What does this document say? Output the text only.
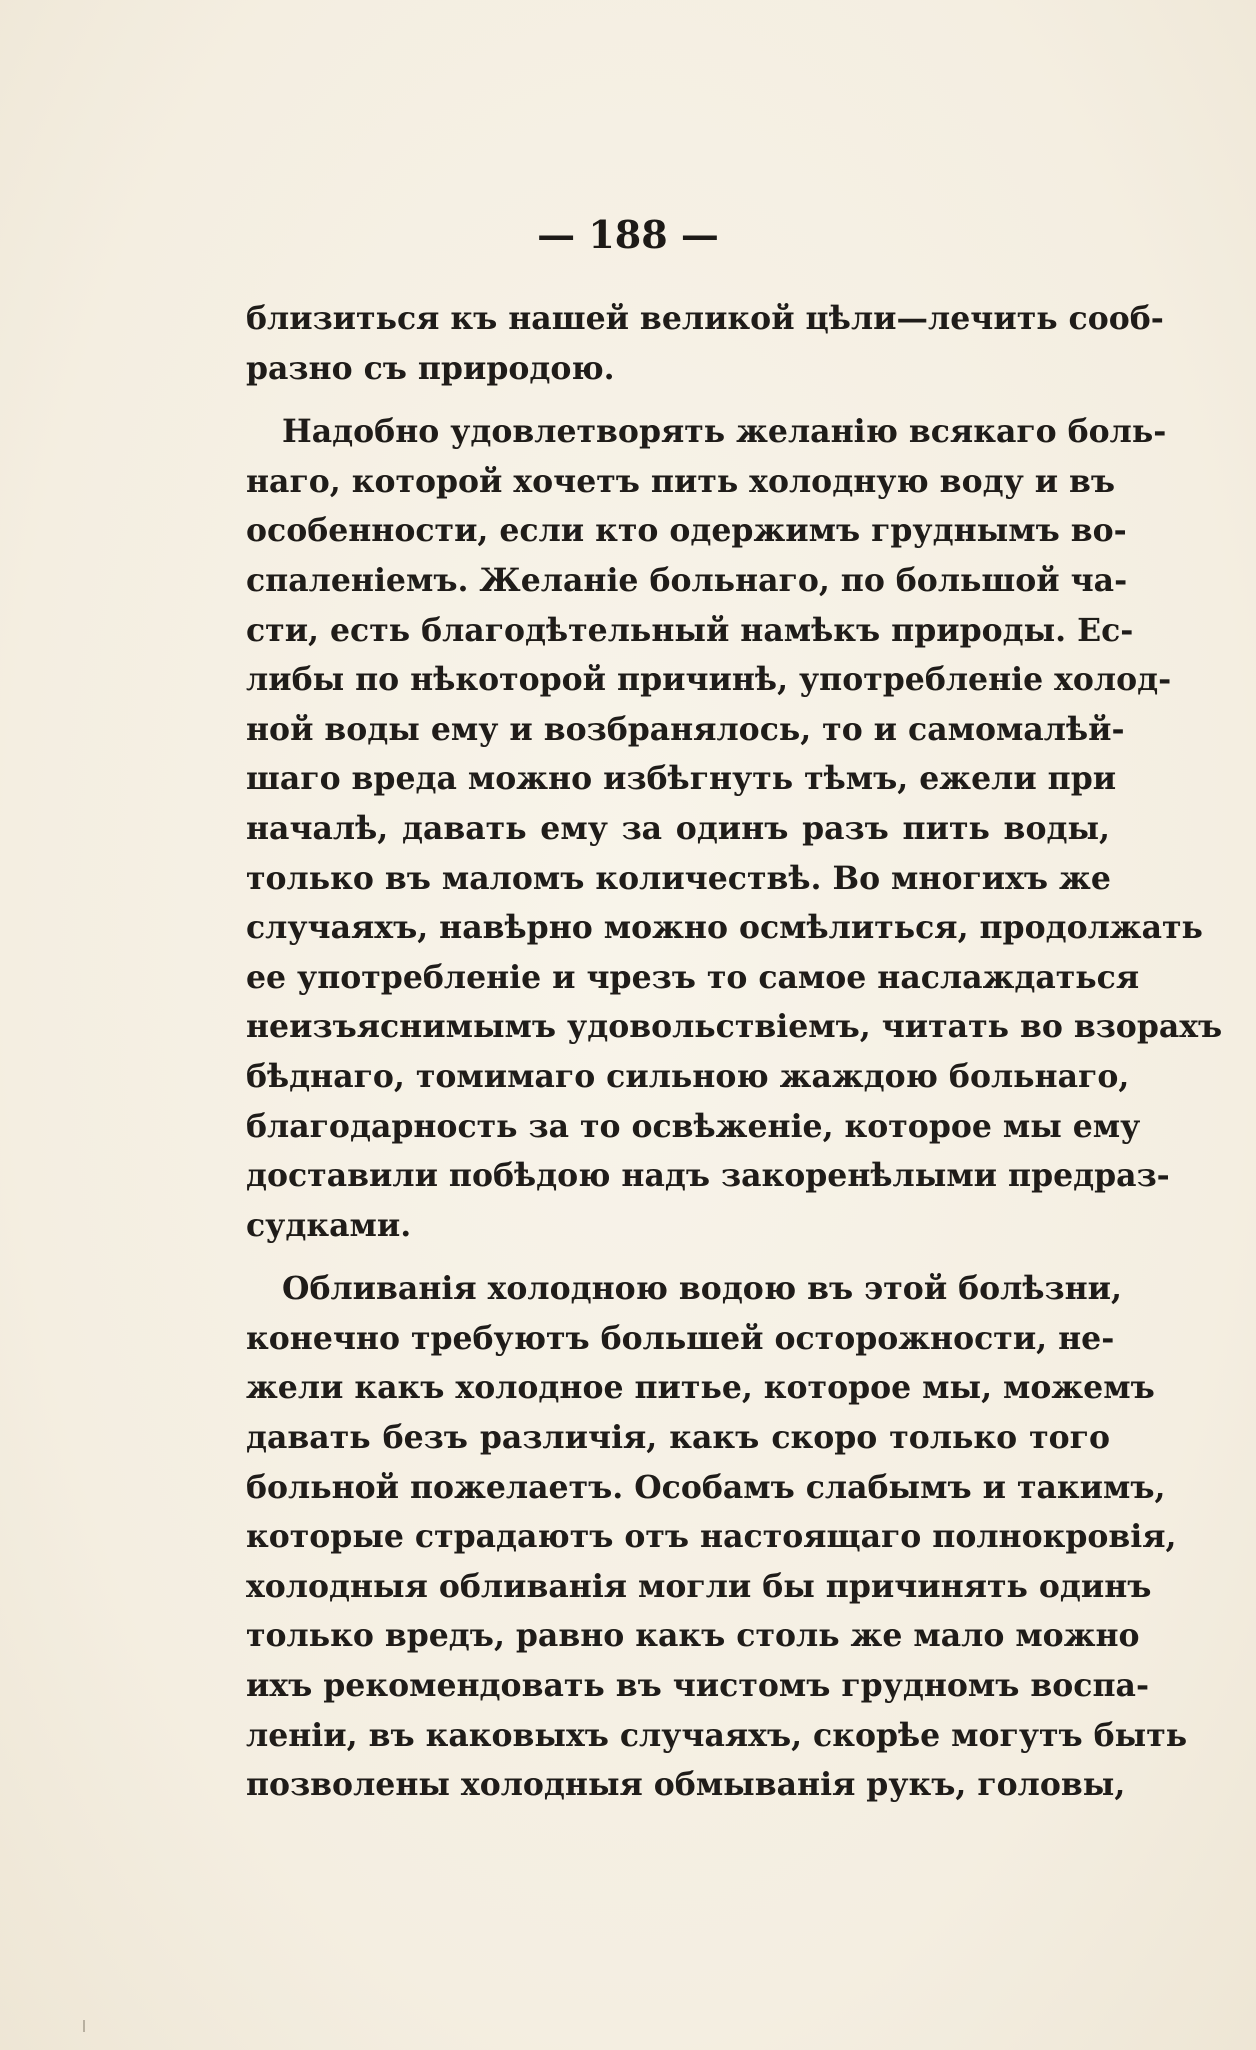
— 188 —
близиться къ нашей великой цѣли—лечить сооб-
разно съ природою.
Надобно удовлетворять желанію всякаго боль-
наго, которой хочетъ пить холодную воду и въ
особенности, если кто одержимъ груднымъ во-
спаленіемъ. Желаніе больнаго, по большой ча-
сти, есть благодѣтельный намѣкъ природы. Ес-
либы по нѣкоторой причинѣ, употребленіе холод-
ной воды ему и возбранялось, то и самомалѣй-
шаго вреда можно избѣгнуть тѣмъ, ежели при
началѣ, давать ему за одинъ разъ пить воды,
только въ маломъ количествѣ. Во многихъ же
случаяхъ, навѣрно можно осмѣлиться, продолжать
ее употребленіе и чрезъ то самое наслаждаться
неизъяснимымъ удовольствіемъ, читать во взорахъ
бѣднаго, томимаго сильною жаждою больнаго,
благодарность за то освѣженіе, которое мы ему
доставили побѣдою надъ закоренѣлыми предраз-
судками.
Обливанія холодною водою въ этой болѣзни,
конечно требуютъ большей осторожности, не-
жели какъ холодное питье, которое мы, можемъ
давать безъ различія, какъ скоро только того
больной пожелаетъ. Особамъ слабымъ и такимъ,
которые страдаютъ отъ настоящаго полнокровія,
холодныя обливанія могли бы причинять одинъ
только вредъ, равно какъ столь же мало можно
ихъ рекомендовать въ чистомъ грудномъ воспа-
леніи, въ каковыхъ случаяхъ, скорѣе могутъ быть
позволены холодныя обмыванія рукъ, головы,
